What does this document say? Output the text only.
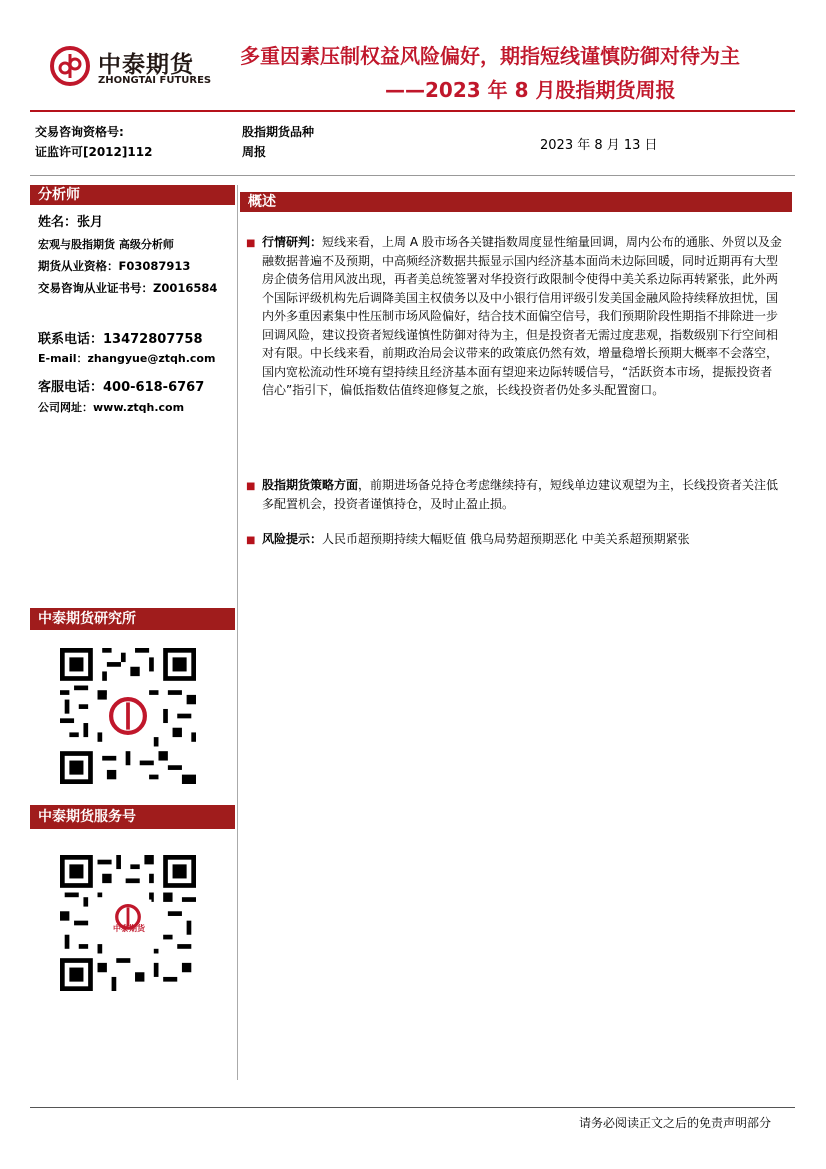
中泰期货
ZHONGTAI FUTURES
多重因素压制权益风险偏好，期指短线谨慎防御对待为主
——2023 年 8 月股指期货周报
交易咨询资格号:
证监许可[2012]112
股指期货品种
周报	2023 年 8 月 13 日
分析师
姓名：张月
宏观与股指期货 高级分析师
期货从业资格：F03087913
交易咨询从业证书号：Z0016584
联系电话：13472807758
E-mail：zhangyue@ztqh.com
客服电话：400-618-6767
公司网址：www.ztqh.com
中泰期货研究所
中泰期货服务号
中泰期货
概述
■ 行情研判：短线来看，上周 A 股市场各关键指数周度显性缩量回调，周内公布的通胀、外贸以及金融数据普遍不及预期，中高频经济数据共振显示国内经济基本面尚未边际回暖，同时近期再有大型房企债务信用风波出现，再者美总统签署对华投资行政限制令使得中美关系边际再转紧张，此外两个国际评级机构先后调降美国主权债务以及中小银行信用评级引发美国金融风险持续释放担忧，国内外多重因素集中性压制市场风险偏好，结合技术面偏空信号，我们预期阶段性期指不排除进一步回调风险，建议投资者短线谨慎性防御对待为主，但是投资者无需过度悲观，指数级别下行空间相对有限。中长线来看，前期政治局会议带来的政策底仍然有效，增量稳增长预期大概率不会落空，国内宽松流动性环境有望持续且经济基本面有望迎来边际转暖信号，“活跃资本市场，提振投资者信心”指引下，偏低指数估值终迎修复之旅，长线投资者仍处多头配置窗口。
■ 股指期货策略方面，前期进场备兑持仓考虑继续持有，短线单边建议观望为主，长线投资者关注低多配置机会，投资者谨慎持仓，及时止盈止损。
■ 风险提示：人民币超预期持续大幅贬值 俄乌局势超预期恶化 中美关系超预期紧张
请务必阅读正文之后的免责声明部分
